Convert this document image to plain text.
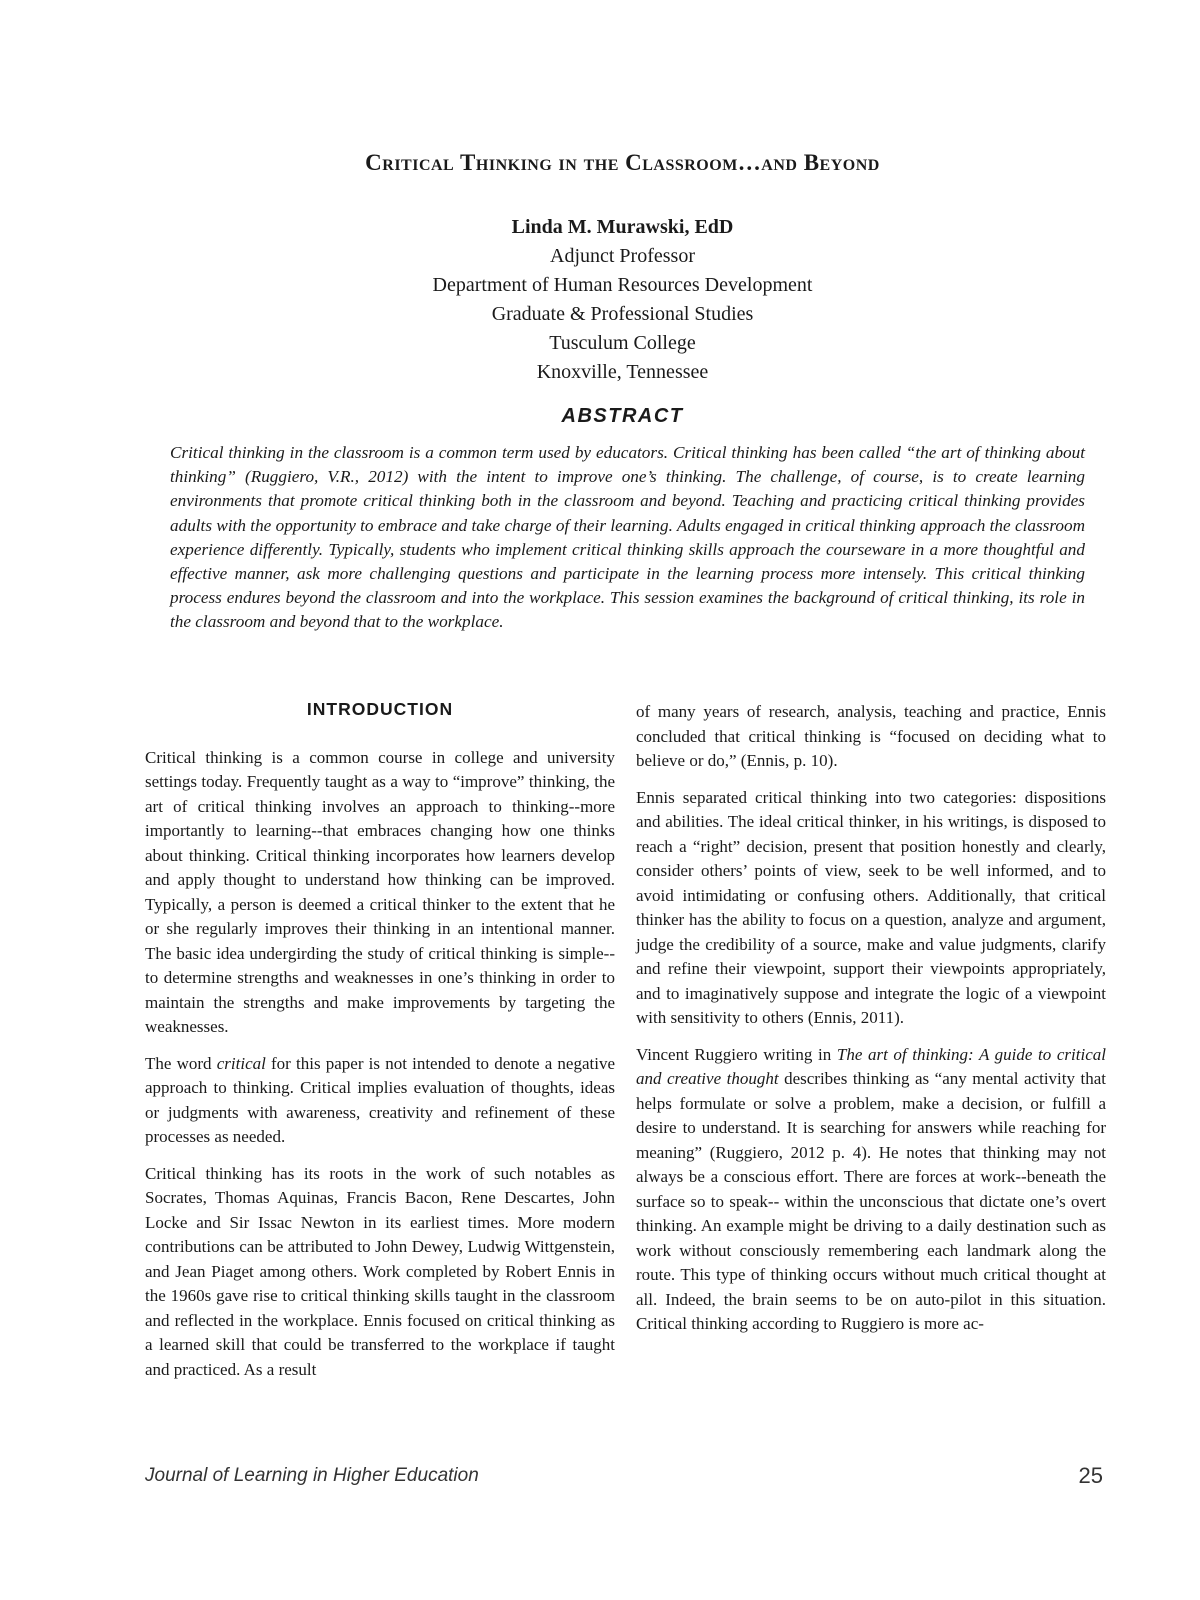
Critical Thinking in the Classroom…and Beyond
Linda M. Murawski, EdD
Adjunct Professor
Department of Human Resources Development
Graduate & Professional Studies
Tusculum College
Knoxville, Tennessee
ABSTRACT

Critical thinking in the classroom is a common term used by educators. Critical thinking has been called “the art of thinking about thinking” (Ruggiero, V.R., 2012) with the intent to improve one’s thinking. The challenge, of course, is to create learning environments that promote critical thinking both in the classroom and beyond. Teaching and practicing critical thinking provides adults with the opportunity to embrace and take charge of their learning. Adults engaged in critical thinking approach the classroom experience differently. Typically, students who implement critical thinking skills approach the courseware in a more thoughtful and effective manner, ask more challenging questions and participate in the learning process more intensely. This critical thinking process endures beyond the classroom and into the workplace. This session examines the background of critical thinking, its role in the classroom and beyond that to the workplace.

INTRODUCTION

Critical thinking is a common course in college and university settings today. Frequently taught as a way to “improve” thinking, the art of critical thinking involves an approach to thinking--more importantly to learning--that embraces changing how one thinks about thinking. Critical thinking incorporates how learners develop and apply thought to understand how thinking can be improved. Typically, a person is deemed a critical thinker to the extent that he or she regularly improves their thinking in an intentional manner. The basic idea undergirding the study of critical thinking is simple--to determine strengths and weaknesses in one’s thinking in order to maintain the strengths and make improvements by targeting the weaknesses.

The word critical for this paper is not intended to denote a negative approach to thinking. Critical implies evaluation of thoughts, ideas or judgments with awareness, creativity and refinement of these processes as needed.

Critical thinking has its roots in the work of such notables as Socrates, Thomas Aquinas, Francis Bacon, Rene Descartes, John Locke and Sir Issac Newton in its earliest times. More modern contributions can be attributed to John Dewey, Ludwig Wittgenstein, and Jean Piaget among others. Work completed by Robert Ennis in the 1960s gave rise to critical thinking skills taught in the classroom and reflected in the workplace. Ennis focused on critical thinking as a learned skill that could be transferred to the workplace if taught and practiced. As a result

of many years of research, analysis, teaching and practice, Ennis concluded that critical thinking is “focused on deciding what to believe or do,” (Ennis, p. 10).

Ennis separated critical thinking into two categories: dispositions and abilities. The ideal critical thinker, in his writings, is disposed to reach a “right” decision, present that position honestly and clearly, consider others’ points of view, seek to be well informed, and to avoid intimidating or confusing others. Additionally, that critical thinker has the ability to focus on a question, analyze and argument, judge the credibility of a source, make and value judgments, clarify and refine their viewpoint, support their viewpoints appropriately, and to imaginatively suppose and integrate the logic of a viewpoint with sensitivity to others (Ennis, 2011).

Vincent Ruggiero writing in The art of thinking: A guide to critical and creative thought describes thinking as “any mental activity that helps formulate or solve a problem, make a decision, or fulfill a desire to understand. It is searching for answers while reaching for meaning” (Ruggiero, 2012 p. 4). He notes that thinking may not always be a conscious effort. There are forces at work--beneath the surface so to speak-- within the unconscious that dictate one’s overt thinking. An example might be driving to a daily destination such as work without consciously remembering each landmark along the route. This type of thinking occurs without much critical thought at all. Indeed, the brain seems to be on auto-pilot in this situation. Critical thinking according to Ruggiero is more ac-

Journal of Learning in Higher Education	25
